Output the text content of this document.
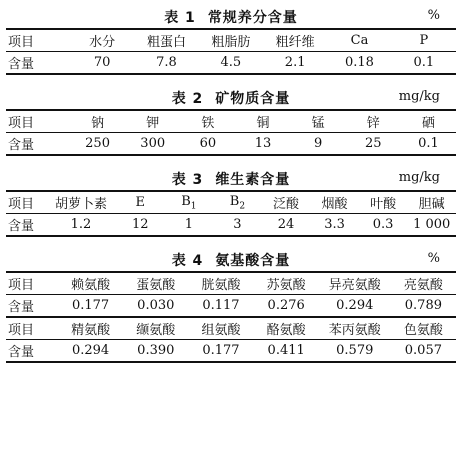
表 1 常规养分含量	%
项目	水分	粗蛋白	粗脂肪	粗纤维	Ca	P
含量	70	7.8	4.5	2.1	0.18	0.1
表 2 矿物质含量	mg/kg
项目	钠	钾	铁	铜	锰	锌	硒
含量	250	300	60	13	9	25	0.1
表 3 维生素含量	mg/kg
项目	胡萝卜素	E	$B_1$	$B_2$	泛酸	烟酸	叶酸	胆碱
含量	1.2	12	1	3	24	3.3	0.3	1 000
表 4 氨基酸含量	%
项目	赖氨酸	蛋氨酸	胱氨酸	苏氨酸	异亮氨酸	亮氨酸
含量	0.177	0.030	0.117	0.276	0.294	0.789
项目	精氨酸	缬氨酸	组氨酸	酪氨酸	苯丙氨酸	色氨酸
含量	0.294	0.390	0.177	0.411	0.579	0.057
